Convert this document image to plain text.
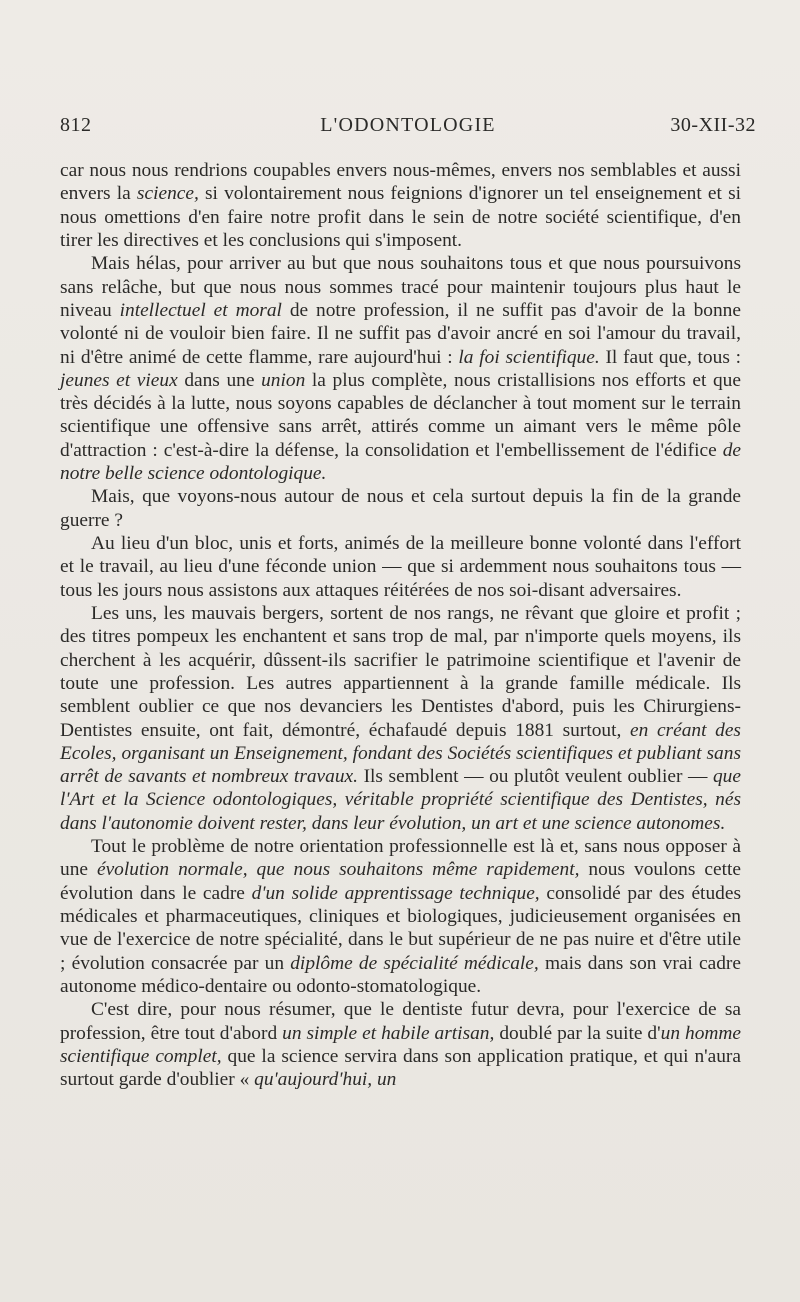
812	L'ODONTOLOGIE	30-XII-32

car nous nous rendrions coupables envers nous-mêmes, envers nos semblables et aussi envers la science, si volontairement nous feignions d'ignorer un tel enseignement et si nous omettions d'en faire notre profit dans le sein de notre société scientifique, d'en tirer les directives et les conclusions qui s'imposent.

Mais hélas, pour arriver au but que nous souhaitons tous et que nous poursuivons sans relâche, but que nous nous sommes tracé pour maintenir toujours plus haut le niveau intellectuel et moral de notre profession, il ne suffit pas d'avoir de la bonne volonté ni de vouloir bien faire. Il ne suffit pas d'avoir ancré en soi l'amour du travail, ni d'être animé de cette flamme, rare aujourd'hui : la foi scientifique. Il faut que, tous : jeunes et vieux dans une union la plus complète, nous cristallisions nos efforts et que très décidés à la lutte, nous soyons capables de déclancher à tout moment sur le terrain scientifique une offensive sans arrêt, attirés comme un aimant vers le même pôle d'attraction : c'est-à-dire la défense, la consolidation et l'embellissement de l'édifice de notre belle science odontologique.

Mais, que voyons-nous autour de nous et cela surtout depuis la fin de la grande guerre ?

Au lieu d'un bloc, unis et forts, animés de la meilleure bonne volonté dans l'effort et le travail, au lieu d'une féconde union — que si ardemment nous souhaitons tous — tous les jours nous assistons aux attaques réitérées de nos soi-disant adversaires.

Les uns, les mauvais bergers, sortent de nos rangs, ne rêvant que gloire et profit ; des titres pompeux les enchantent et sans trop de mal, par n'importe quels moyens, ils cherchent à les acquérir, dûssent-ils sacrifier le patrimoine scientifique et l'avenir de toute une profession. Les autres appartiennent à la grande famille médicale. Ils semblent oublier ce que nos devanciers les Dentistes d'abord, puis les Chirurgiens-Dentistes ensuite, ont fait, démontré, échafaudé depuis 1881 surtout, en créant des Ecoles, organisant un Enseignement, fondant des Sociétés scientifiques et publiant sans arrêt de savants et nombreux travaux. Ils semblent — ou plutôt veulent oublier — que l'Art et la Science odontologiques, véritable propriété scientifique des Dentistes, nés dans l'autonomie doivent rester, dans leur évolution, un art et une science autonomes.

Tout le problème de notre orientation professionnelle est là et, sans nous opposer à une évolution normale, que nous souhaitons même rapidement, nous voulons cette évolution dans le cadre d'un solide apprentissage technique, consolidé par des études médicales et pharmaceutiques, cliniques et biologiques, judicieusement organisées en vue de l'exercice de notre spécialité, dans le but supérieur de ne pas nuire et d'être utile ; évolution consacrée par un diplôme de spécialité médicale, mais dans son vrai cadre autonome médico-dentaire ou odonto-stomatologique.

C'est dire, pour nous résumer, que le dentiste futur devra, pour l'exercice de sa profession, être tout d'abord un simple et habile artisan, doublé par la suite d'un homme scientifique complet, que la science servira dans son application pratique, et qui n'aura surtout garde d'oublier « qu'aujourd'hui, un
